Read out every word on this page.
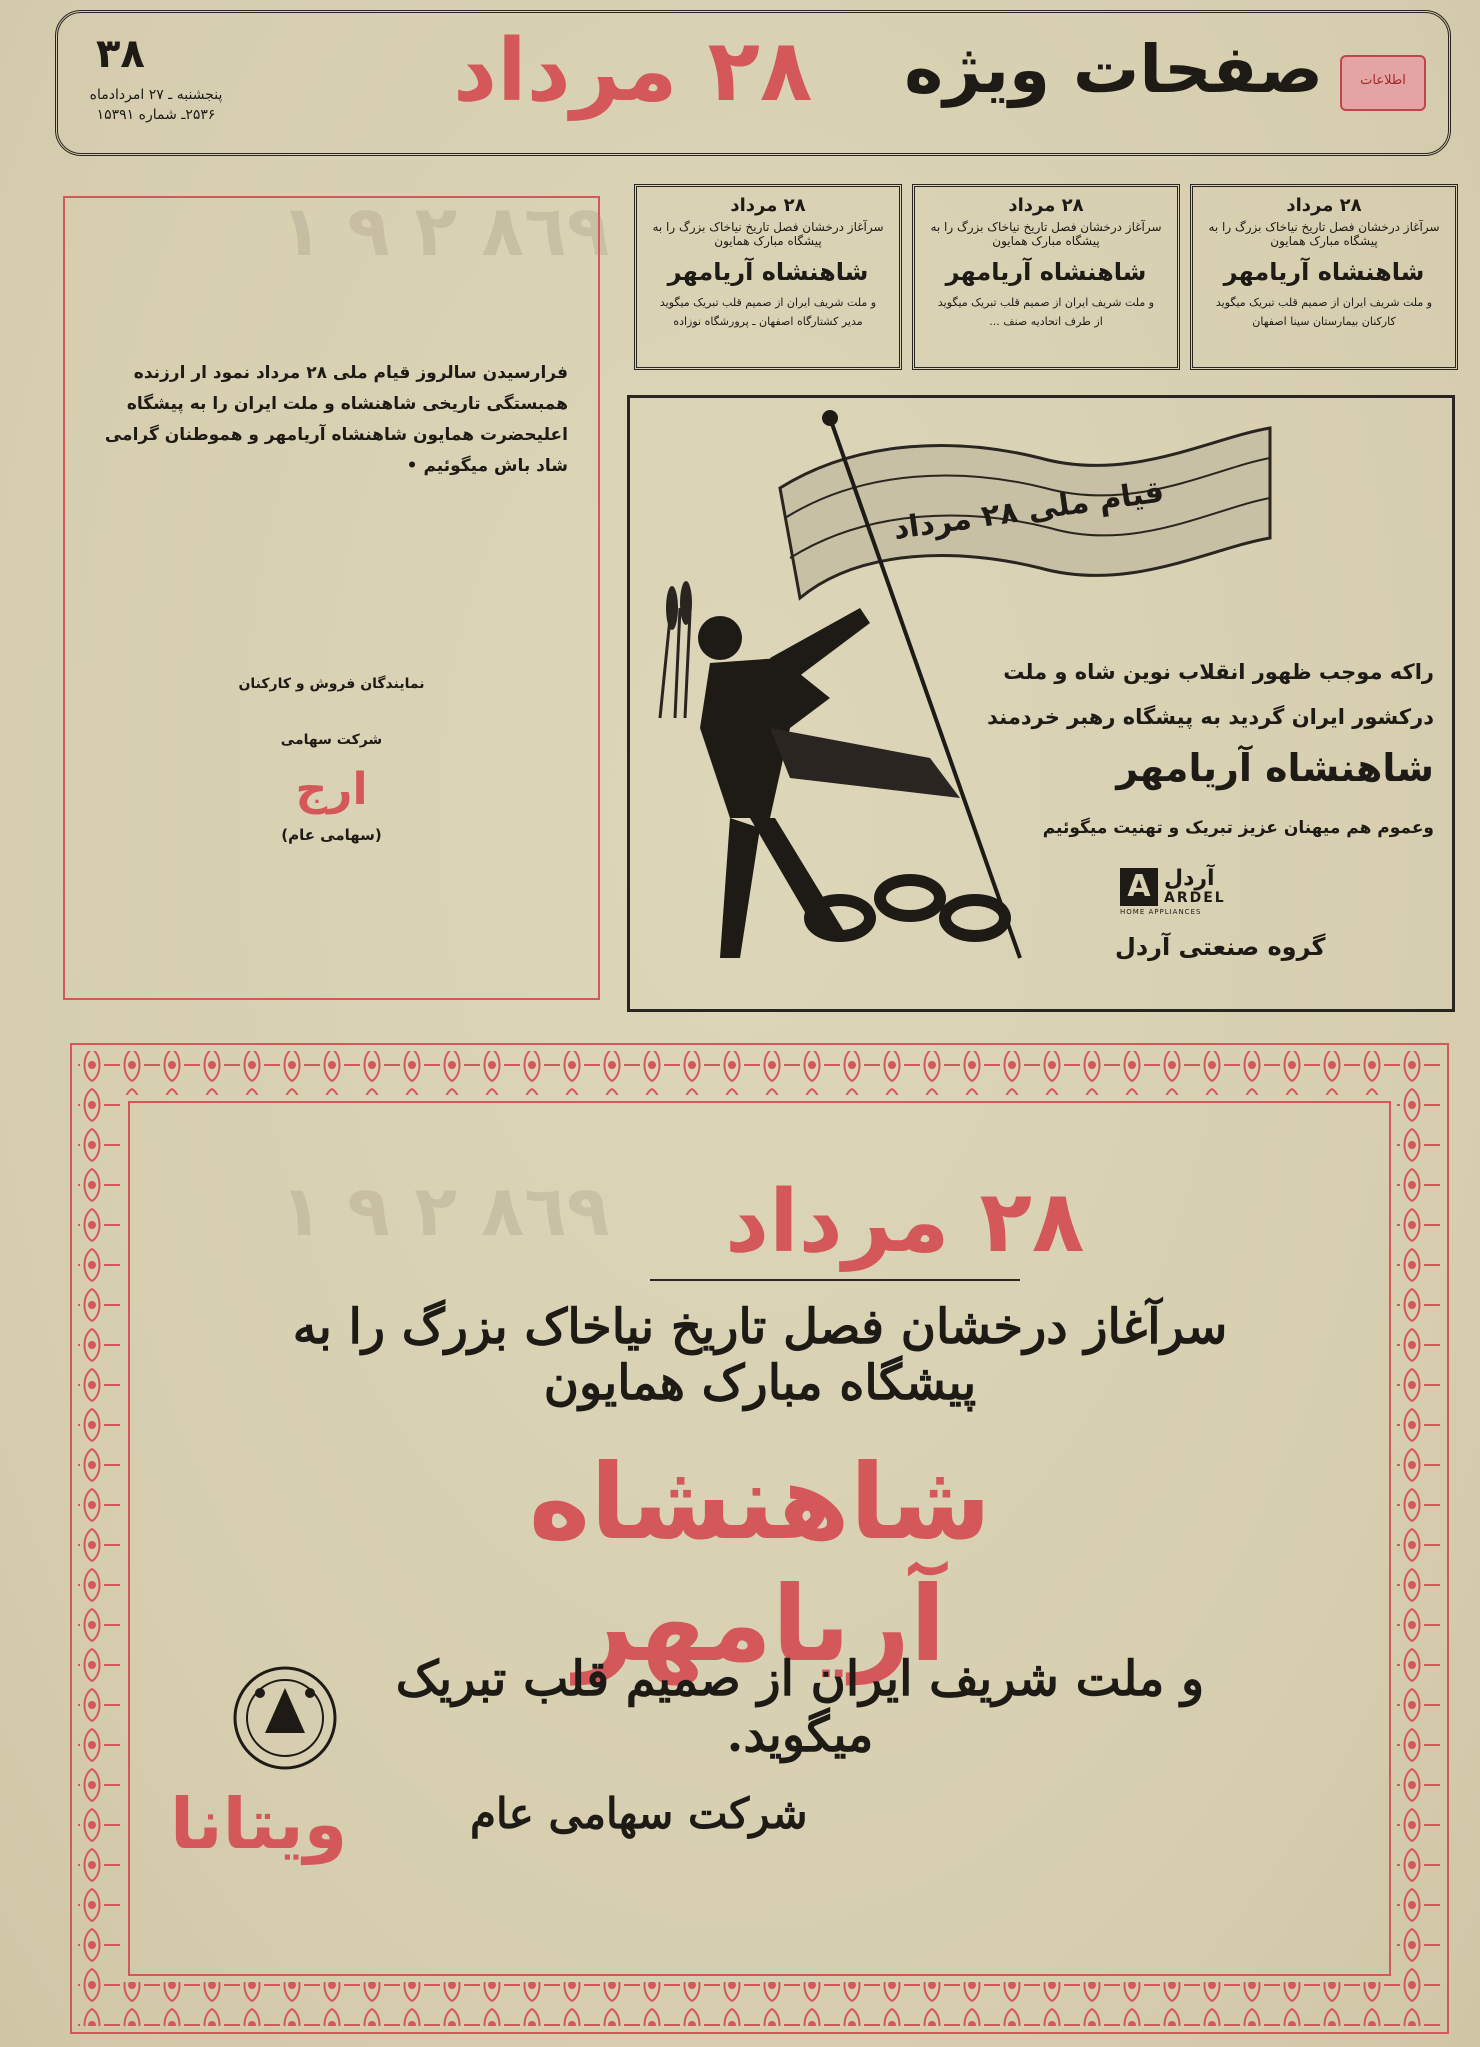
٨٦٩ ٢ ٩ ١
٨٦٩ ٢ ٩ ١
اطلاعات
صفحات ویژه
۲۸ مرداد
۳۸
پنجشنبه ـ ۲۷ امرداد‌ماه
۲۵۳۶ـ شماره ۱۵۳۹۱
۲۸ مرداد
سرآغاز درخشان فصل تاریخ نیاخاک بزرگ را به پیشگاه مبارک همایون
شاهنشاه آریامهر
و ملت شریف ایران از صمیم قلب تبریک میگوید
کارکنان بیمارستان سینا اصفهان
۲۸ مرداد
سرآغاز درخشان فصل تاریخ نیاخاک بزرگ را به پیشگاه مبارک همایون
شاهنشاه آریامهر
و ملت شریف ایران از صمیم قلب تبریک میگوید
از طرف اتحادیه صنف ...
۲۸ مرداد
سرآغاز درخشان فصل تاریخ نیاخاک بزرگ را به پیشگاه مبارک همایون
شاهنشاه آریامهر
و ملت شریف ایران از صمیم قلب تبریک میگوید
مدیر کشتارگاه اصفهان ـ پرورشگاه نوزاده
فرارسیدن سالروز قیام ملی ۲۸ مرداد نمود ار ارزنده همبستگی تاریخی شاهنشاه و ملت ایران را به پیشگاه اعلیحضرت همایون شاهنشاه آریامهر و هموطنان گرامی شاد باش میگوئیم •
نمایندگان فروش و کارکنان
شرکت سهامی
ارج
(سهامی عام)
قیام ملی ۲۸ مرداد
راکه موجب ظهور انقلاب نوین شاه و ملت
درکشور ایران گردید به پیشگاه رهبر خردمند
شاهنشاه آریامهر
وعموم هم میهنان عزیز تبریک و تهنیت میگوئیم
A آردل
ARDEL
HOME APPLIANCES
گروه صنعتی آردل
۲۸ مرداد
سرآغاز درخشان فصل تاریخ نیاخاک بزرگ را به پیشگاه مبارک همایون
شاهنشاه آریامهر
و ملت شریف ایران از صمیم قلب تبریک میگوید.
ویتانا	شرکت سهامی عام
